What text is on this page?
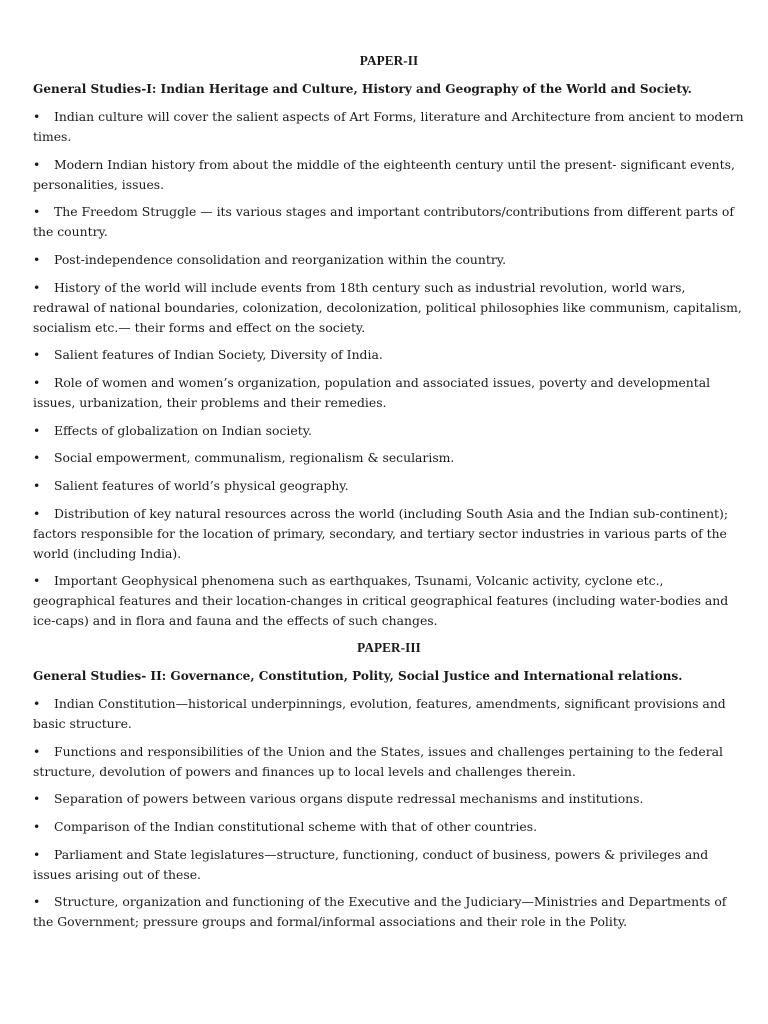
PAPER-II
General Studies-I: Indian Heritage and Culture, History and Geography of the World and Society.
• Indian culture will cover the salient aspects of Art Forms, literature and Architecture from ancient to modern times.
• Modern Indian history from about the middle of the eighteenth century until the present- significant events, personalities, issues.
• The Freedom Struggle — its various stages and important contributors/contributions from different parts of the country.
• Post-independence consolidation and reorganization within the country.
• History of the world will include events from 18th century such as industrial revolution, world wars, redrawal of national boundaries, colonization, decolonization, political philosophies like communism, capitalism, socialism etc.— their forms and effect on the society.
• Salient features of Indian Society, Diversity of India.
• Role of women and women’s organization, population and associated issues, poverty and developmental issues, urbanization, their problems and their remedies.
• Effects of globalization on Indian society.
• Social empowerment, communalism, regionalism & secularism.
• Salient features of world’s physical geography.
• Distribution of key natural resources across the world (including South Asia and the Indian sub-continent); factors responsible for the location of primary, secondary, and tertiary sector industries in various parts of the world (including India).
• Important Geophysical phenomena such as earthquakes, Tsunami, Volcanic activity, cyclone etc., geographical features and their location-changes in critical geographical features (including water-bodies and ice-caps) and in flora and fauna and the effects of such changes.
PAPER-III
General Studies- II: Governance, Constitution, Polity, Social Justice and International relations.
• Indian Constitution—historical underpinnings, evolution, features, amendments, significant provisions and basic structure.
• Functions and responsibilities of the Union and the States, issues and challenges pertaining to the federal structure, devolution of powers and finances up to local levels and challenges therein.
• Separation of powers between various organs dispute redressal mechanisms and institutions.
• Comparison of the Indian constitutional scheme with that of other countries.
• Parliament and State legislatures—structure, functioning, conduct of business, powers & privileges and issues arising out of these.
• Structure, organization and functioning of the Executive and the Judiciary—Ministries and Departments of the Government; pressure groups and formal/informal associations and their role in the Polity.
